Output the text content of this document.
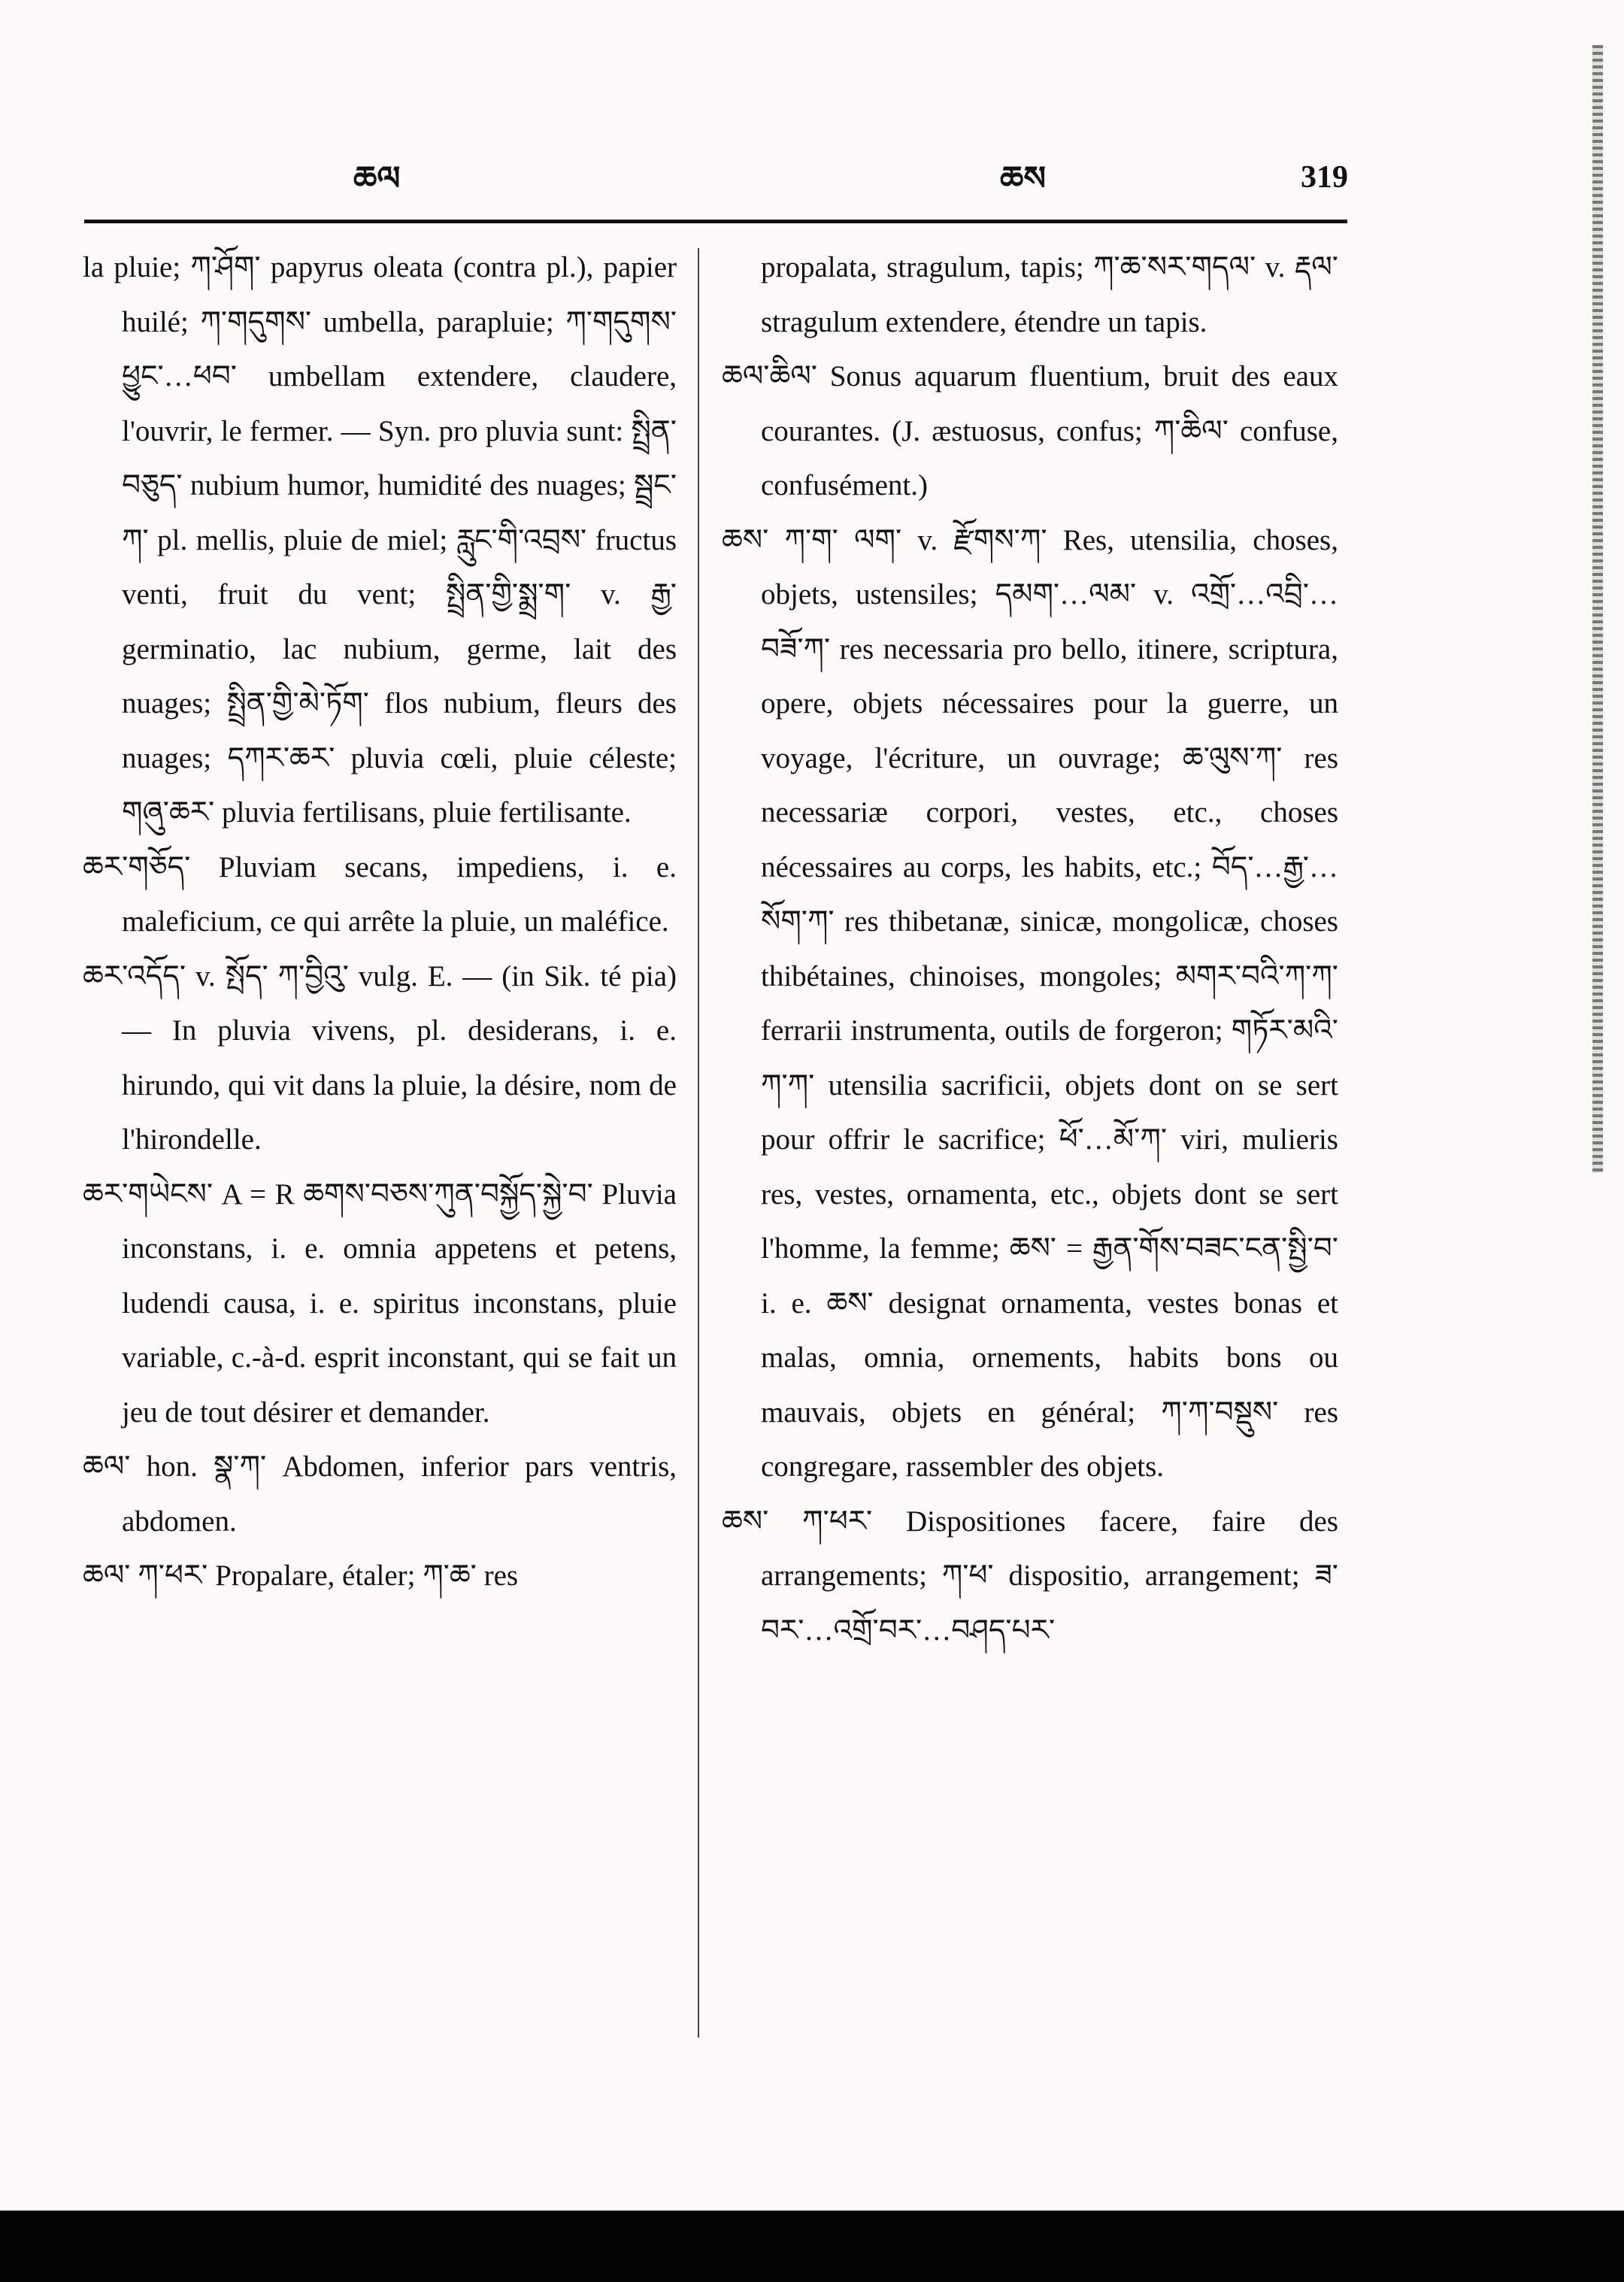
ཆལ	ཆས	319

la pluie; ཀ་ཤོག་ papyrus oleata (contra pl.), papier huilé; ཀ་གདུགས་ umbella, parapluie; ཀ་གདུགས་ཕྱུང་…ཕབ་ umbellam extendere, claudere, l'ouvrir, le fermer. — Syn. pro pluvia sunt: སྤྲིན་བཅུད་ nubium humor, humidité des nuages; སྦྲང་ཀ་ pl. mellis, pluie de miel; རླུང་གི་འབྲས་ fructus venti, fruit du vent; སྤྲིན་གྱི་སྨྲ་ག་ v. རྒྱ་ germinatio, lac nubium, germe, lait des nuages; སྤྲིན་གྱི་མེ་ཏོག་ flos nubium, fleurs des nuages; དཀར་ཆར་ pluvia cœli, pluie céleste; གཞུ་ཆར་ pluvia fertilisans, pluie fertilisante.

ཆར་གཅོད་ Pluviam secans, impediens, i. e. maleficium, ce qui arrête la pluie, un maléfice.

ཆར་འདོད་ v. སྤོད་ ཀ་བྱིའུ་ vulg. E. — (in Sik. té pia) — In pluvia vivens, pl. desiderans, i. e. hirundo, qui vit dans la pluie, la désire, nom de l'hirondelle.

ཆར་གཡེངས་ A = R ཆགས་བཅས་ཀུན་བསྐྱོད་སྐྱེ་བ་ Pluvia inconstans, i. e. omnia appetens et petens, ludendi causa, i. e. spiritus inconstans, pluie variable, c.-à-d. esprit inconstant, qui se fait un jeu de tout désirer et demander.

ཆལ་ hon. སྣ་ཀ་ Abdomen, inferior pars ventris, abdomen.

ཆལ་ ཀ་ཕར་ Propalare, étaler; ཀ་ཆ་ res

propalata, stragulum, tapis; ཀ་ཆ་སར་གདལ་ v. རྡལ་ stragulum extendere, étendre un tapis.

ཆལ་ཆིལ་ Sonus aquarum fluentium, bruit des eaux courantes. (J. æstuosus, confus; ཀ་ཆིལ་ confuse, confusément.)

ཆས་ ཀ་ག་ ལག་ v. རྫོགས་ཀ་ Res, utensilia, choses, objets, ustensiles; དམག་…ལམ་ v. འགྲོ་…འབྲི་…བཟོ་ཀ་ res necessaria pro bello, itinere, scriptura, opere, objets nécessaires pour la guerre, un voyage, l'écriture, un ouvrage; ཆ་ལུས་ཀ་ res necessariæ corpori, vestes, etc., choses nécessaires au corps, les habits, etc.; བོད་…རྒྱ་…སོག་ཀ་ res thibetanæ, sinicæ, mongolicæ, choses thibétaines, chinoises, mongoles; མགར་བའི་ཀ་ཀ་ ferrarii instrumenta, outils de forgeron; གཏོར་མའི་ཀ་ཀ་ utensilia sacrificii, objets dont on se sert pour offrir le sacrifice; ཕོ་…མོ་ཀ་ viri, mulieris res, vestes, ornamenta, etc., objets dont se sert l'homme, la femme; ཆས་ = རྒྱན་གོས་བཟང་ངན་སྤྱི་བ་ i. e. ཆས་ designat ornamenta, vestes bonas et malas, omnia, ornements, habits bons ou mauvais, objets en général; ཀ་ཀ་བསྡུས་ res congregare, rassembler des objets.

ཆས་ ཀ་ཕར་ Dispositiones facere, faire des arrangements; ཀ་ཕ་ dispositio, arrangement; ཟ་བར་…འགྲོ་བར་…བཤད་པར་
